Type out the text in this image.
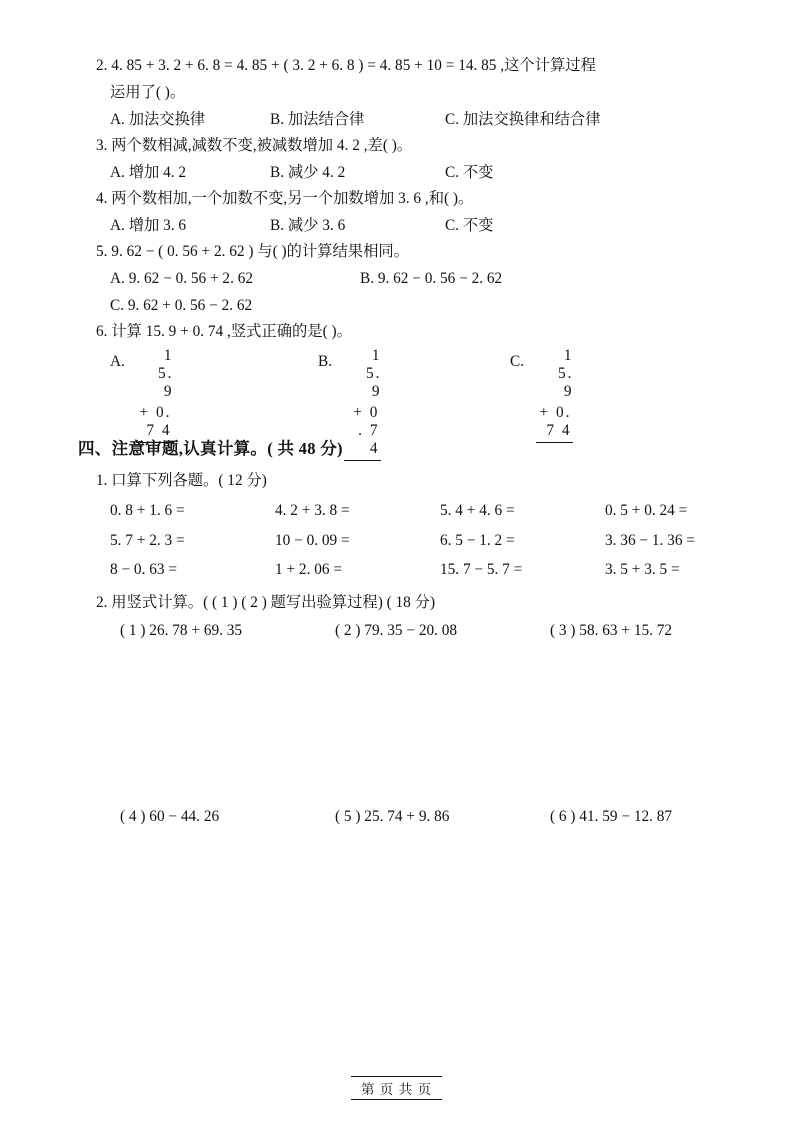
2. 4. 85 + 3. 2 + 6. 8 = 4. 85 + ( 3. 2 + 6. 8 ) = 4. 85 + 10 = 14. 85 ,这个计算过程
运用了( )。
A. 加法交换律	B. 加法结合律	C. 加法交换律和结合律
3. 两个数相减,减数不变,被减数增加 4. 2 ,差( )。
A. 增加 4. 2	B. 减少 4. 2	C. 不变
4. 两个数相加,一个加数不变,另一个加数增加 3. 6 ,和( )。
A. 增加 3. 6	B. 减少 3. 6	C. 不变
5. 9. 62 − ( 0. 56 + 2. 62 ) 与( )的计算结果相同。
A. 9. 62 − 0. 56 + 2. 62	B. 9. 62 − 0. 56 − 2. 62
C. 9. 62 + 0. 56 − 2. 62
6. 计算 15. 9 + 0. 74 ,竖式正确的是( )。
A.	1 5. 9
+ 0. 7 4
B.	1 5. 9
+ 0 . 7 4
C.	1 5. 9
+ 0. 7 4
四、注意审题,认真计算。( 共 48 分)
1. 口算下列各题。( 12 分)
0. 8 + 1. 6 =	4. 2 + 3. 8 =	5. 4 + 4. 6 =	0. 5 + 0. 24 =
5. 7 + 2. 3 =	10 − 0. 09 =	6. 5 − 1. 2 =	3. 36 − 1. 36 =
8 − 0. 63 =	1 + 2. 06 =	15. 7 − 5. 7 =	3. 5 + 3. 5 =
2. 用竖式计算。( ( 1 ) ( 2 ) 题写出验算过程) ( 18 分)
( 1 ) 26. 78 + 69. 35	( 2 ) 79. 35 − 20. 08	( 3 ) 58. 63 + 15. 72
( 4 ) 60 − 44. 26	( 5 ) 25. 74 + 9. 86	( 6 ) 41. 59 − 12. 87
第 页 共 页
